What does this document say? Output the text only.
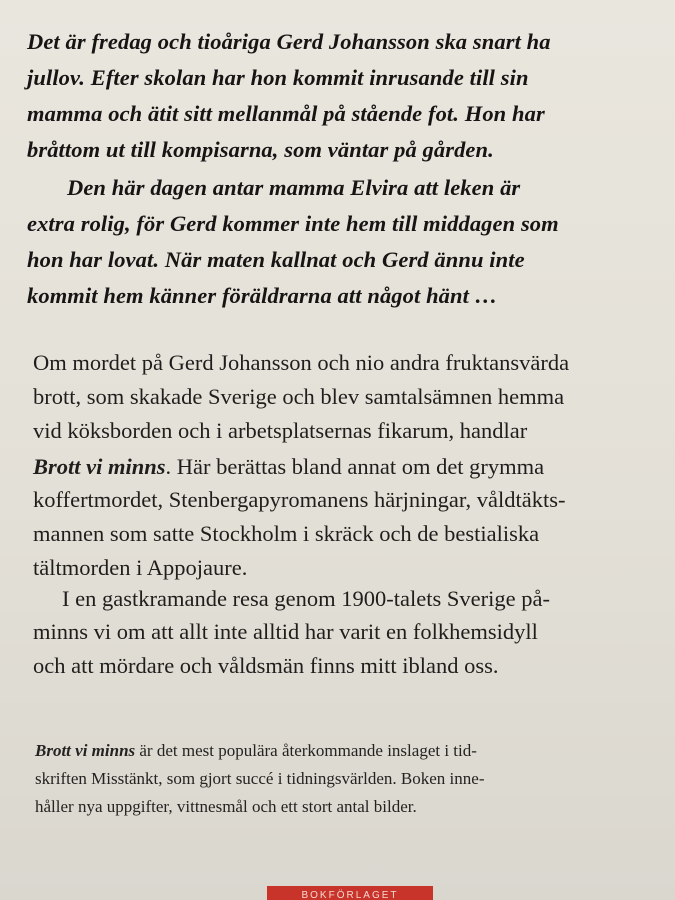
Det är fredag och tioåriga Gerd Johansson ska snart ha
jullov. Efter skolan har hon kommit inrusande till sin
mamma och ätit sitt mellanmål på stående fot. Hon har
bråttom ut till kompisarna, som väntar på gården.
Den här dagen antar mamma Elvira att leken är
extra rolig, för Gerd kommer inte hem till middagen som
hon har lovat. När maten kallnat och Gerd ännu inte
kommit hem känner föräldrarna att något hänt …
Om mordet på Gerd Johansson och nio andra fruktansvärda
brott, som skakade Sverige och blev samtalsämnen hemma
vid köksborden och i arbetsplatsernas fikarum, handlar
Brott vi minns. Här berättas bland annat om det grymma
koffertmordet, Stenbergapyromanens härjningar, våldtäkts-
mannen som satte Stockholm i skräck och de bestialiska
tältmorden i Appojaure.
I en gastkramande resa genom 1900-talets Sverige på-
minns vi om att allt inte alltid har varit en folkhemsidyll
och att mördare och våldsmän finns mitt ibland oss.
Brott vi minns är det mest populära återkommande inslaget i tid-
skriften Misstänkt, som gjort succé i tidningsvärlden. Boken inne-
håller nya uppgifter, vittnesmål och ett stort antal bilder.
BOKFÖRLAGET
